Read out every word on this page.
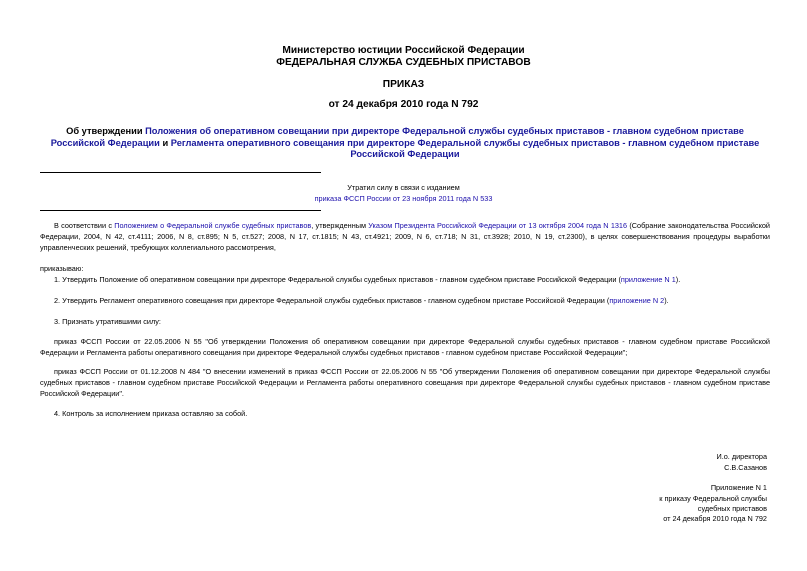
Министерство юстиции Российской Федерации
ФЕДЕРАЛЬНАЯ СЛУЖБА СУДЕБНЫХ ПРИСТАВОВ
ПРИКАЗ
от 24 декабря 2010 года N 792
Об утверждении Положения об оперативном совещании при директоре Федеральной службы судебных приставов - главном судебном приставе Российской Федерации и Регламента оперативного совещания при директоре Федеральной службы судебных приставов - главном судебном приставе Российской Федерации
Утратил силу в связи с изданием
приказа ФССП России от 23 ноября 2011 года N 533
В соответствии с Положением о Федеральной службе судебных приставов, утвержденным Указом Президента Российской Федерации от 13 октября 2004 года N 1316 (Собрание законодательства Российской Федерации, 2004, N 42, ст.4111; 2006, N 8, ст.895; N 5, ст.527; 2008, N 17, ст.1815; N 43, ст.4921; 2009, N 6, ст.718; N 31, ст.3928; 2010, N 19, ст.2300), в целях совершенствования процедуры выработки управленческих решений, требующих коллегиального рассмотрения,
приказываю:
1. Утвердить Положение об оперативном совещании при директоре Федеральной службы судебных приставов - главном судебном приставе Российской Федерации (приложение N 1).
2. Утвердить Регламент оперативного совещания при директоре Федеральной службы судебных приставов - главном судебном приставе Российской Федерации (приложение N 2).
3. Признать утратившими силу:
приказ ФССП России от 22.05.2006 N 55 "Об утверждении Положения об оперативном совещании при директоре Федеральной службы судебных приставов - главном судебном приставе Российской Федерации и Регламента работы оперативного совещания при директоре Федеральной службы судебных приставов - главном судебном приставе Российской Федерации";
приказ ФССП России от 01.12.2008 N 484 "О внесении изменений в приказ ФССП России от 22.05.2006 N 55 "Об утверждении Положения об оперативном совещании при директоре Федеральной службы судебных приставов - главном судебном приставе Российской Федерации и Регламента работы оперативного совещания при директоре Федеральной службы судебных приставов - главном судебном приставе Российской Федерации".
4. Контроль за исполнением приказа оставляю за собой.
И.о. директора
С.В.Сазанов
Приложение N 1
к приказу Федеральной службы
судебных приставов
от 24 декабря 2010 года N 792
